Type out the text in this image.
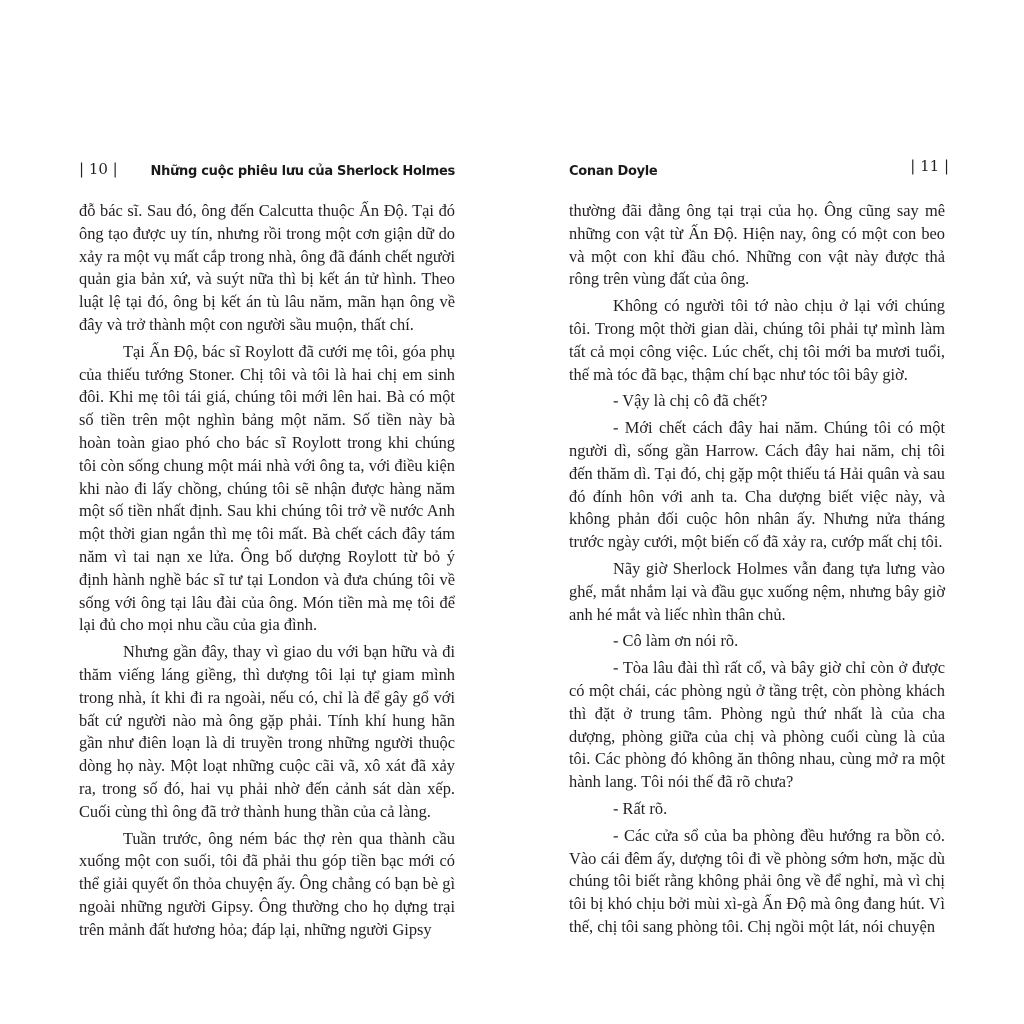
| 10 |	Những cuộc phiêu lưu của Sherlock Holmes

đỗ bác sĩ. Sau đó, ông đến Calcutta thuộc Ấn Độ. Tại đó ông tạo được uy tín, nhưng rồi trong một cơn giận dữ do xảy ra một vụ mất cắp trong nhà, ông đã đánh chết người quản gia bản xứ, và suýt nữa thì bị kết án tử hình. Theo luật lệ tại đó, ông bị kết án tù lâu năm, mãn hạn ông về đây và trở thành một con người sầu muộn, thất chí.

Tại Ấn Độ, bác sĩ Roylott đã cưới mẹ tôi, góa phụ của thiếu tướng Stoner. Chị tôi và tôi là hai chị em sinh đôi. Khi mẹ tôi tái giá, chúng tôi mới lên hai. Bà có một số tiền trên một nghìn bảng một năm. Số tiền này bà hoàn toàn giao phó cho bác sĩ Roylott trong khi chúng tôi còn sống chung một mái nhà với ông ta, với điều kiện khi nào đi lấy chồng, chúng tôi sẽ nhận được hàng năm một số tiền nhất định. Sau khi chúng tôi trở về nước Anh một thời gian ngắn thì mẹ tôi mất. Bà chết cách đây tám năm vì tai nạn xe lửa. Ông bố dượng Roylott từ bỏ ý định hành nghề bác sĩ tư tại London và đưa chúng tôi về sống với ông tại lâu đài của ông. Món tiền mà mẹ tôi để lại đủ cho mọi nhu cầu của gia đình.

Nhưng gần đây, thay vì giao du với bạn hữu và đi thăm viếng láng giềng, thì dượng tôi lại tự giam mình trong nhà, ít khi đi ra ngoài, nếu có, chỉ là để gây gổ với bất cứ người nào mà ông gặp phải. Tính khí hung hãn gần như điên loạn là di truyền trong những người thuộc dòng họ này. Một loạt những cuộc cãi vã, xô xát đã xảy ra, trong số đó, hai vụ phải nhờ đến cảnh sát dàn xếp. Cuối cùng thì ông đã trở thành hung thần của cả làng.

Tuần trước, ông ném bác thợ rèn qua thành cầu xuống một con suối, tôi đã phải thu góp tiền bạc mới có thể giải quyết ổn thỏa chuyện ấy. Ông chẳng có bạn bè gì ngoài những người Gipsy. Ông thường cho họ dựng trại trên mảnh đất hương hỏa; đáp lại, những người Gipsy

Conan Doyle	| 11 |

thường đãi đằng ông tại trại của họ. Ông cũng say mê những con vật từ Ấn Độ. Hiện nay, ông có một con beo và một con khỉ đầu chó. Những con vật này được thả rông trên vùng đất của ông.

Không có người tôi tớ nào chịu ở lại với chúng tôi. Trong một thời gian dài, chúng tôi phải tự mình làm tất cả mọi công việc. Lúc chết, chị tôi mới ba mươi tuổi, thế mà tóc đã bạc, thậm chí bạc như tóc tôi bây giờ.

- Vậy là chị cô đã chết?

- Mới chết cách đây hai năm. Chúng tôi có một người dì, sống gần Harrow. Cách đây hai năm, chị tôi đến thăm dì. Tại đó, chị gặp một thiếu tá Hải quân và sau đó đính hôn với anh ta. Cha dượng biết việc này, và không phản đối cuộc hôn nhân ấy. Nhưng nửa tháng trước ngày cưới, một biến cố đã xảy ra, cướp mất chị tôi.

Nãy giờ Sherlock Holmes vẫn đang tựa lưng vào ghế, mắt nhắm lại và đầu gục xuống nệm, nhưng bây giờ anh hé mắt và liếc nhìn thân chủ.

- Cô làm ơn nói rõ.

- Tòa lâu đài thì rất cổ, và bây giờ chỉ còn ở được có một chái, các phòng ngủ ở tầng trệt, còn phòng khách thì đặt ở trung tâm. Phòng ngủ thứ nhất là của cha dượng, phòng giữa của chị và phòng cuối cùng là của tôi. Các phòng đó không ăn thông nhau, cùng mở ra một hành lang. Tôi nói thế đã rõ chưa?

- Rất rõ.

- Các cửa sổ của ba phòng đều hướng ra bồn cỏ. Vào cái đêm ấy, dượng tôi đi về phòng sớm hơn, mặc dù chúng tôi biết rằng không phải ông về để nghỉ, mà vì chị tôi bị khó chịu bởi mùi xì-gà Ấn Độ mà ông đang hút. Vì thế, chị tôi sang phòng tôi. Chị ngồi một lát, nói chuyện
